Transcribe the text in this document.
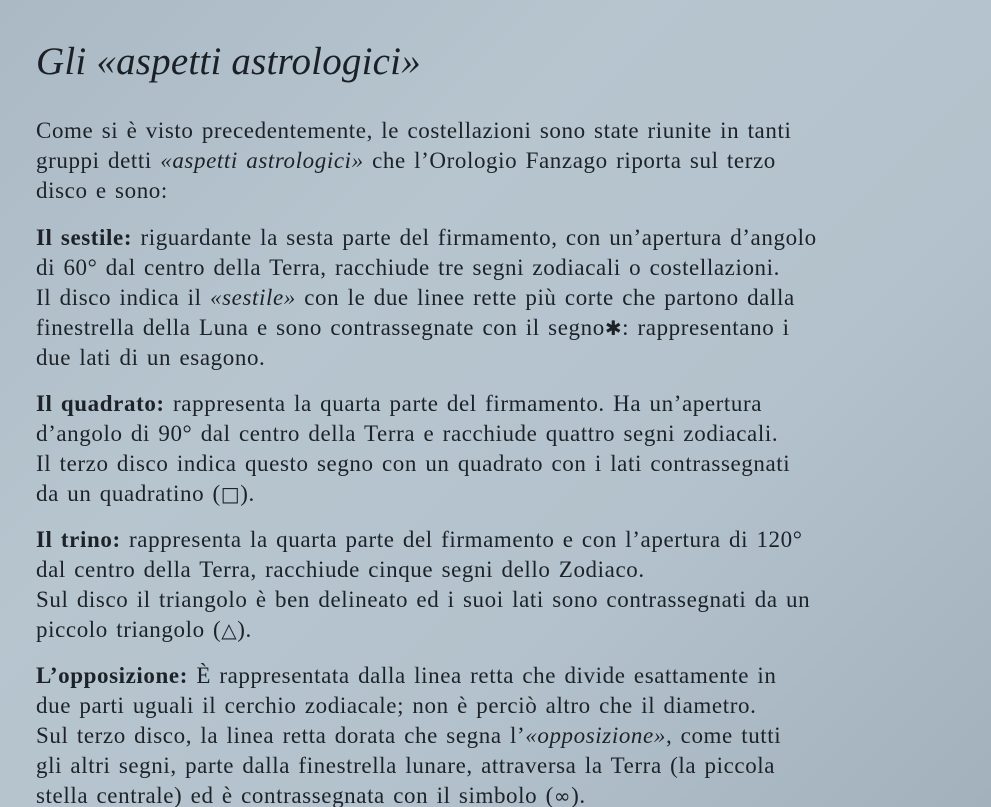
Gli «aspetti astrologici»

Come si è visto precedentemente, le costellazioni sono state riunite in tanti
gruppi detti «aspetti astrologici» che l’Orologio Fanzago riporta sul terzo
disco e sono:

Il sestile: riguardante la sesta parte del firmamento, con un’apertura d’angolo
di 60° dal centro della Terra, racchiude tre segni zodiacali o costellazioni.
Il disco indica il «sestile» con le due linee rette più corte che partono dalla
finestrella della Luna e sono contrassegnate con il segno✱: rappresentano i
due lati di un esagono.

Il quadrato: rappresenta la quarta parte del firmamento. Ha un’apertura
d’angolo di 90° dal centro della Terra e racchiude quattro segni zodiacali.
Il terzo disco indica questo segno con un quadrato con i lati contrassegnati
da un quadratino (□).

Il trino: rappresenta la quarta parte del firmamento e con l’apertura di 120°
dal centro della Terra, racchiude cinque segni dello Zodiaco.
Sul disco il triangolo è ben delineato ed i suoi lati sono contrassegnati da un
piccolo triangolo (△).

L’opposizione: È rappresentata dalla linea retta che divide esattamente in
due parti uguali il cerchio zodiacale; non è perciò altro che il diametro.
Sul terzo disco, la linea retta dorata che segna l’«opposizione», come tutti
gli altri segni, parte dalla finestrella lunare, attraversa la Terra (la piccola
stella centrale) ed è contrassegnata con il simbolo (∞).
